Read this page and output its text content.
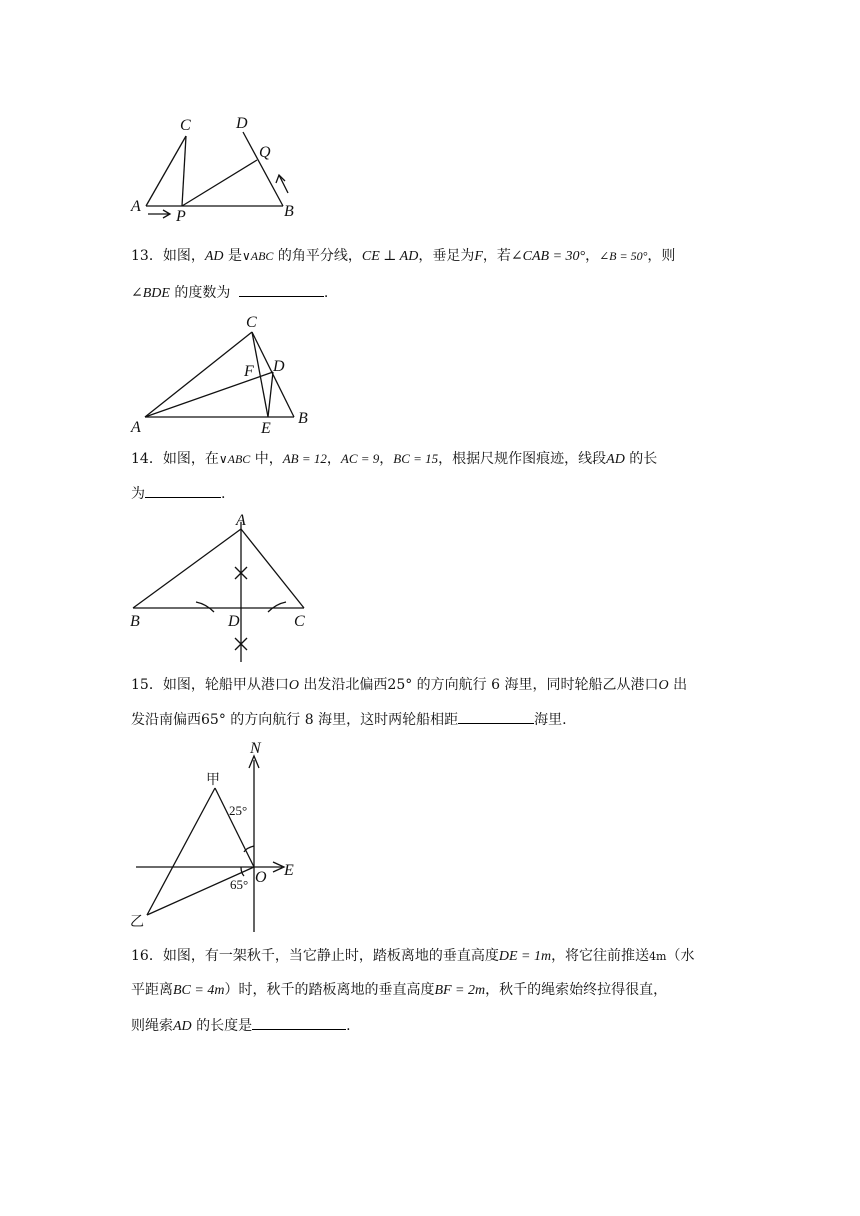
A	B
C	D
P
Q
13．如图，AD 是∨ABC 的角平分线，CE ⊥ AD，垂足为F，若∠CAB = 30°，∠B = 50°，则
∠BDE 的度数为	.
A
B
C
D
E
F
14．如图，在∨ABC 中，AB = 12，AC = 9，BC = 15，根据尺规作图痕迹，线段AD 的长
为	.
A
B	C
D
15．如图，轮船甲从港口O 出发沿北偏西25° 的方向航行 6 海里，同时轮船乙从港口O 出
发沿南偏西65° 的方向航行 8 海里，这时两轮船相距	海里.
N
E
O
甲
乙
25°
65°
16．如图，有一架秋千，当它静止时，踏板离地的垂直高度DE = 1m，将它往前推送4m（水
平距离BC = 4m）时，秋千的踏板离地的垂直高度BF = 2m，秋千的绳索始终拉得很直，
则绳索AD 的长度是	.
